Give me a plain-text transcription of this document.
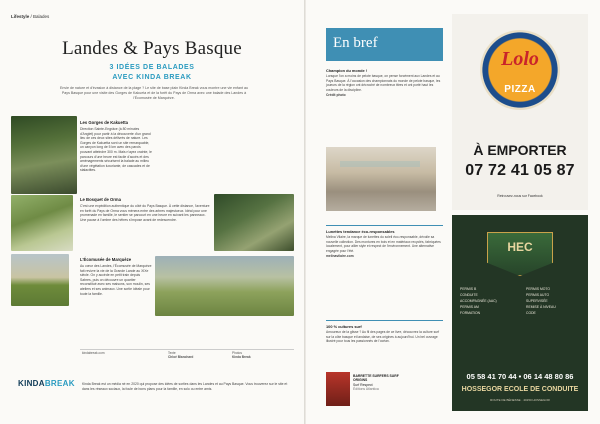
Lifestyle / Balades
Landes & Pays Basque
3 IDÉES DE BALADES
AVEC KINDA BREAK
Envie de nature et d'évasion à distance de la plage ? Le site de base plain Kinda Break vous montre une vie enfant au Pays Basque pour une visite des Gorges de Kakueta et de la forêt du Pays de Orma avec une balade des Landes à l'Écomusée de Marquèze.
Les Gorges de Kakuetta
Direction Sainte-Engrâce (à 80 minutes d'Anglet) pour partir à la découverte d'un grand lieu de ces deux sites délivrés de nature. Les Gorges de Kakuetta sont un site remarquable, un canyon long de 5 km avec des parois pouvant atteindre 300 m. Mais n'ayez crainte, le parcours d'une heure est facile d'accès et des aménagements sécurisent la balade au milieu d'une végétation luxuriante, de cascades et de stalactites.
Le Bosquet de Orma
C'est une expédition authentique du côté du Pays Basque. À cette distance, l'aventure en forêt du Pays de Orma vous mènera entre des arbres majestueux. Idéal pour une promenade en famille, le sentier se parcourt en une heure en suivant les panneaux. Une pause à l'ombre des hêtres s'impose avant de redescendre.
L'Écomusée de Marquèze
Au cœur des Landes, l'Écomusée de Marquèze fait revivre la vie de la Grande Lande au XIXe siècle. On y accède en petit train depuis Sabres, puis on découvre un quartier reconstitué avec ses maisons, son moulin, ses ateliers et ses animaux. Une sortie idéale pour toute la famille.
kindabreak.com	Texte
Chloé Blanchard
Photos
Kinda Break
KINDABREAK Kinda Break est un média né en 2020 qui propose des idées de sorties dans les Landes et au Pays Basque. Vous trouverez sur le site et dans les réseaux sociaux, la foule de bons plans pour la famille, en solo ou entre amis.
En bref
Champion du monde !
Lorsque l'on a moins de pelote basque, on pense forcément aux Landes et au Pays Basque. À l'occasion des championnats du monde de pelote basque, les joueurs de la région ont décroché de nombreux titres et ont porté haut les couleurs de la discipline.
Crédit photo
Lunettes tendance éco-responsables
Melina Vilaire, la marque de lunettes du soleil éco-responsable, dévoile sa nouvelle collection. Des montures en bois et en matériaux recyclés, fabriquées localement, pour allier style et respect de l'environnement. Une alternative engagée pour l'été.
melinavilaire.com
100 % cultures surf
Amoureux de la glisse ? Au fil des pages de ce livre, découvrez la culture surf sur la côte basque et landaise, de ses origines à aujourd'hui. Un bel ouvrage illustré pour tous les passionnés de l'océan.
BARRETTE SURFERS SURF ORIGINS
Surf Respect
Éditions Atlantica
Lolo
PIZZA
À EMPORTER
07 72 41 05 87
Retrouvez-nous sur Facebook
HEC
PERMIS B
CONDUITE
ACCOMPAGNÉE (AAC)
PERMIS AM
FORMATION
PERMIS MOTO
PERMIS AUTO
SUPERVISÉE
REMISE À NIVEAU
CODE
05 58 41 70 44 • 06 14 48 80 86
HOSSEGOR ECOLE DE CONDUITE
ROUTE DE BÉNESSE · 40150 HOSSEGOR
